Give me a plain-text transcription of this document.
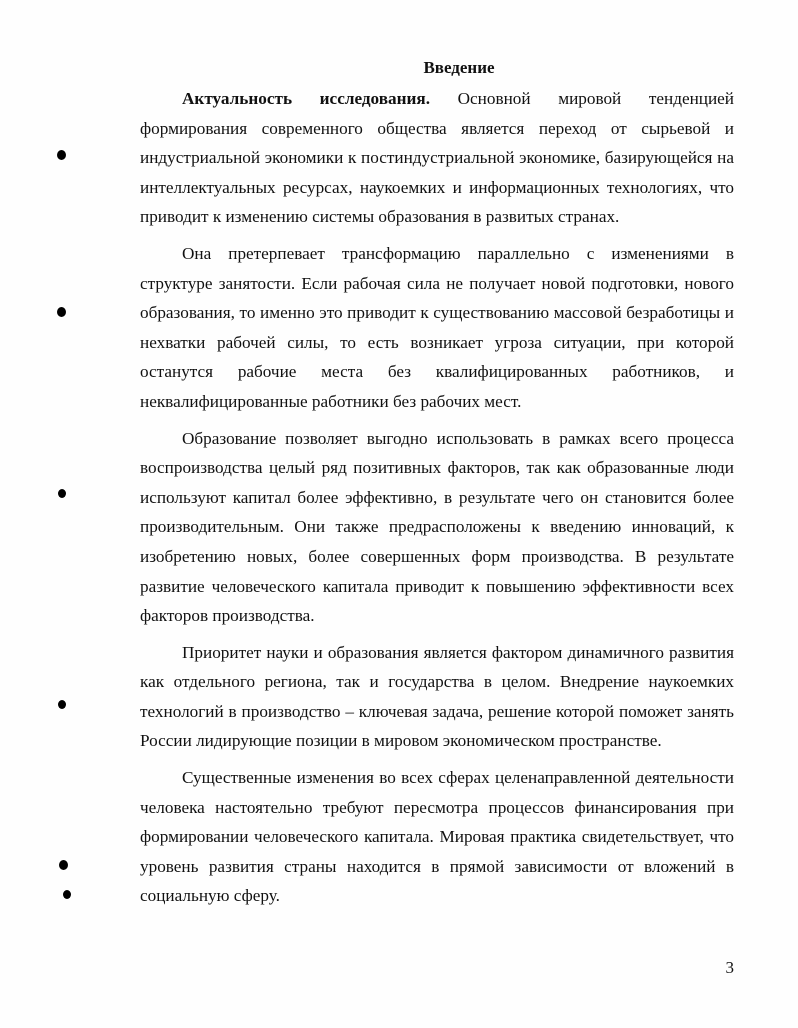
Введение

Актуальность исследования. Основной мировой тенденцией формирования современного общества является переход от сырьевой и индустриальной экономики к постиндустриальной экономике, базирующейся на интеллектуальных ресурсах, наукоемких и информационных технологиях, что приводит к изменению системы образования в развитых странах.

Она претерпевает трансформацию параллельно с изменениями в структуре занятости. Если рабочая сила не получает новой подготовки, нового образования, то именно это приводит к существованию массовой безработицы и нехватки рабочей силы, то есть возникает угроза ситуации, при которой останутся рабочие места без квалифицированных работников, и неквалифицированные работники без рабочих мест.

Образование позволяет выгодно использовать в рамках всего процесса воспроизводства целый ряд позитивных факторов, так как образованные люди используют капитал более эффективно, в результате чего он становится более производительным. Они также предрасположены к введению инноваций, к изобретению новых, более совершенных форм производства. В результате развитие человеческого капитала приводит к повышению эффективности всех факторов производства.

Приоритет науки и образования является фактором динамичного развития как отдельного региона, так и государства в целом. Внедрение наукоемких технологий в производство – ключевая задача, решение которой поможет занять России лидирующие позиции в мировом экономическом пространстве.

Существенные изменения во всех сферах целенаправленной деятельности человека настоятельно требуют пересмотра процессов финансирования при формировании человеческого капитала. Мировая практика свидетельствует, что уровень развития страны находится в прямой зависимости от вложений в социальную сферу.

3
